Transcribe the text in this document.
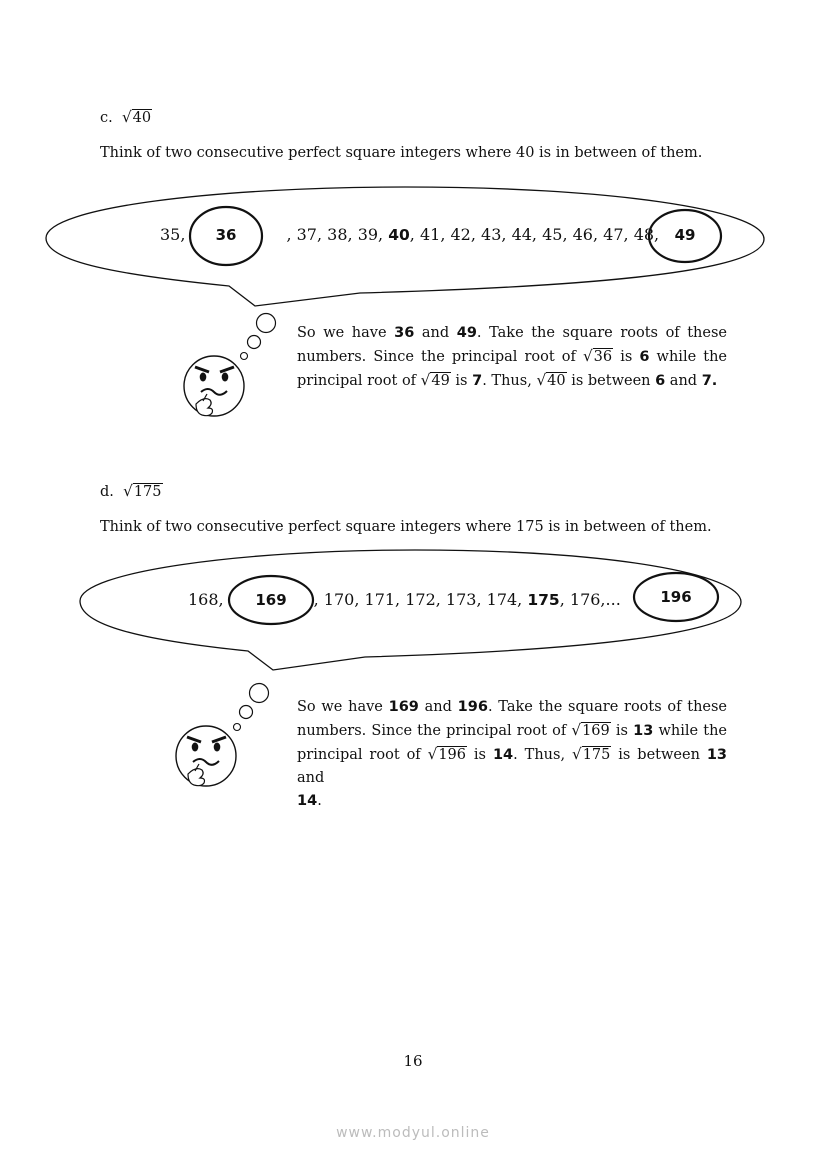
c. √40
Think of two consecutive perfect square integers where 40 is in between of them.
35,	, 37, 38, 39, 40, 41, 42, 43, 44, 45, 46, 47, 48,
36	49
So we have 36 and 49. Take the square roots of these
numbers. Since the principal root of √36 is 6 while the
principal root of √49 is 7. Thus, √40 is between 6 and 7.
d. √175
Think of two consecutive perfect square integers where 175 is in between of them.
168,	, 170, 171, 172, 173, 174, 175, 176,...
169	196
So we have 169 and 196. Take the square roots of these
numbers. Since the principal root of √169 is 13 while the
principal root of √196 is 14. Thus, √175 is between 13 and
14.
16
www.modyul.online
